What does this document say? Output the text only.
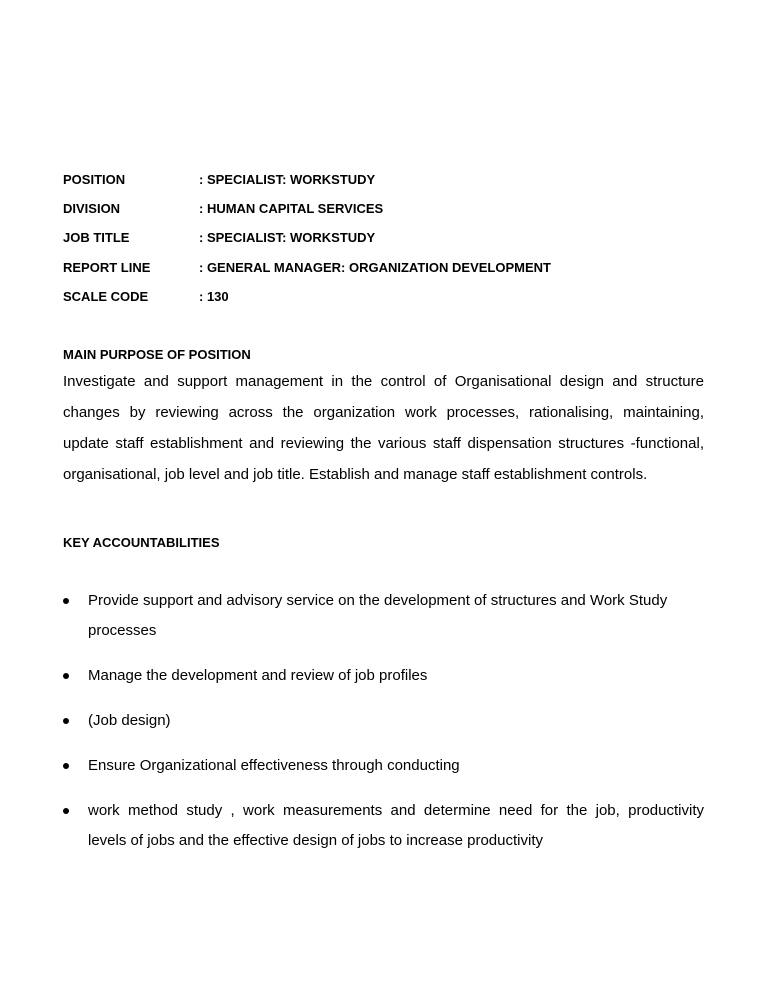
POSITION	: SPECIALIST: WORKSTUDY
DIVISION	: HUMAN CAPITAL SERVICES
JOB TITLE	: SPECIALIST: WORKSTUDY
REPORT LINE	: GENERAL MANAGER: ORGANIZATION DEVELOPMENT
SCALE CODE	: 130
MAIN PURPOSE OF POSITION
Investigate and support management in the control of Organisational design and structure
changes by reviewing across the organization work processes, rationalising, maintaining,
update staff establishment and reviewing the various staff dispensation structures -functional,
organisational, job level and job title. Establish and manage staff establishment controls.
KEY ACCOUNTABILITIES
Provide support and advisory service on the development of structures and Work Study
processes
Manage the development and review of job profiles
(Job design)
Ensure Organizational effectiveness through conducting
work method study , work measurements and determine need for the job, productivity
levels of jobs and the effective design of jobs to increase productivity
